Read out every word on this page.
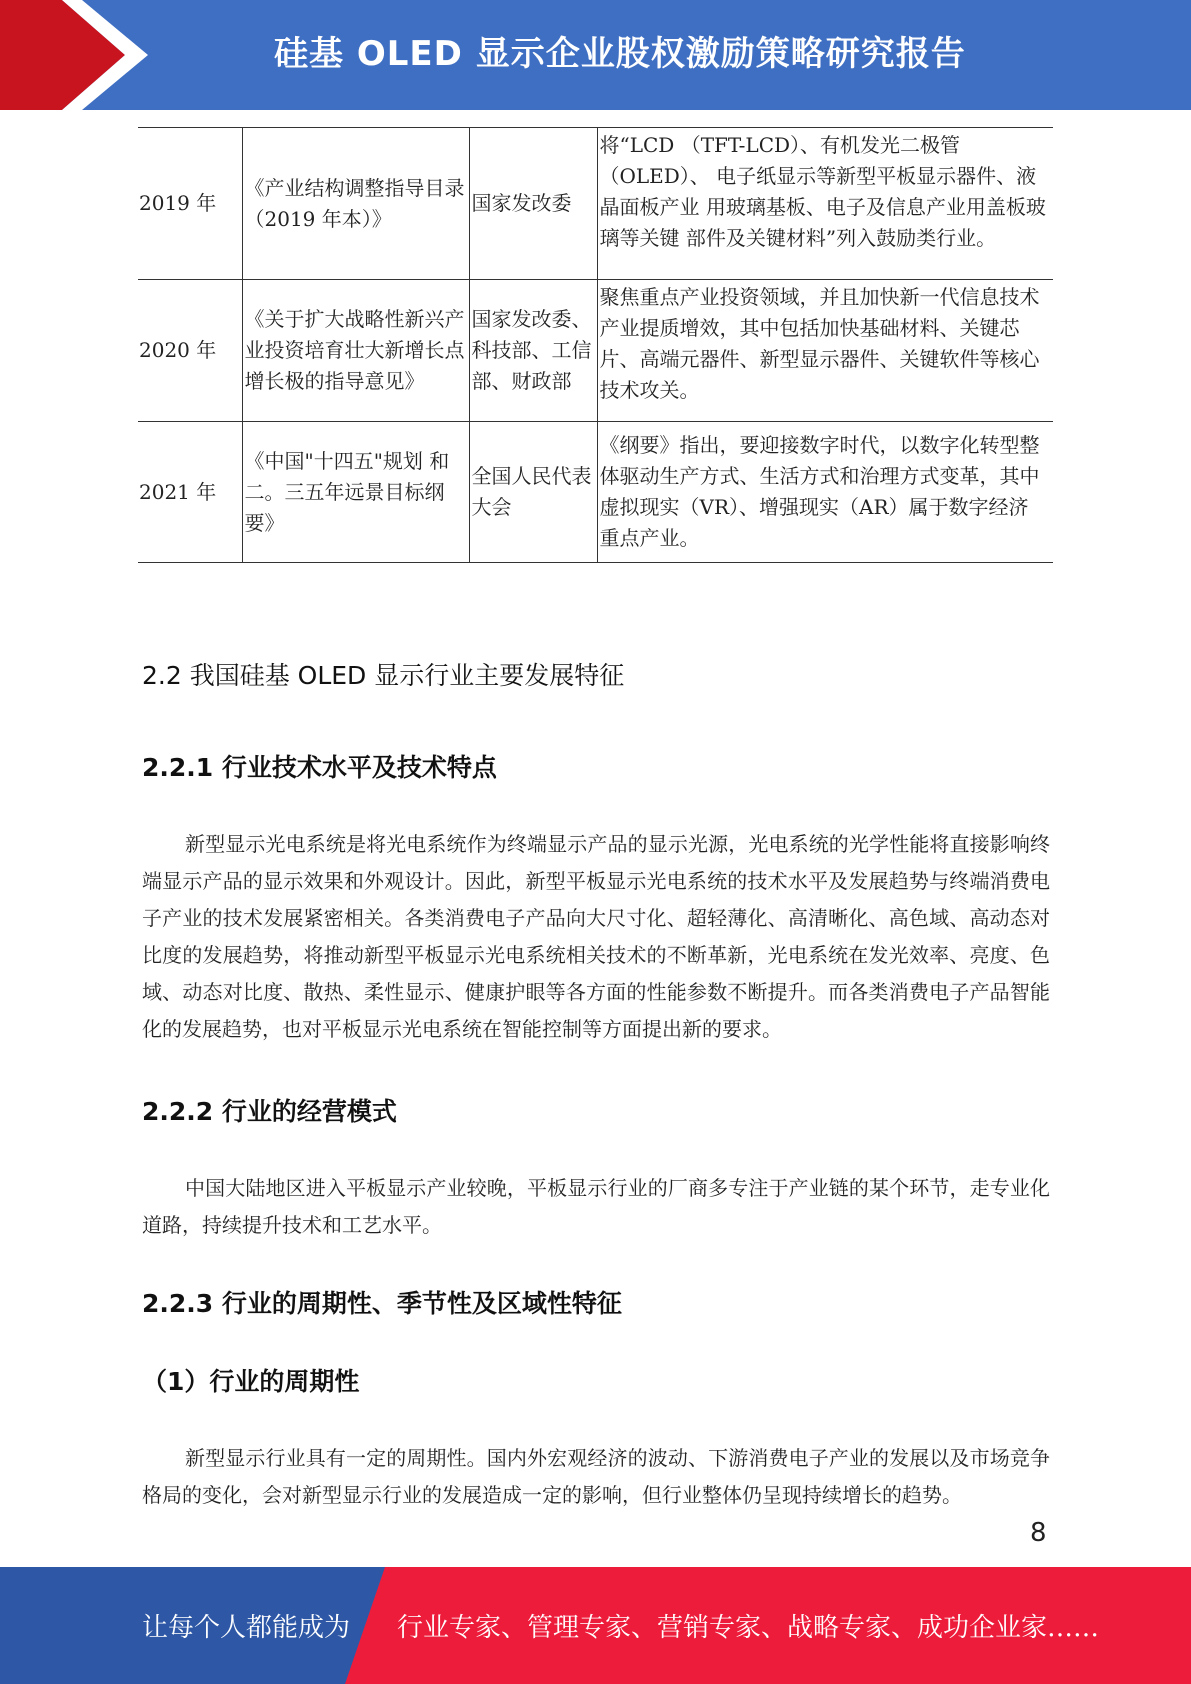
硅基 OLED 显示企业股权激励策略研究报告
2019 年	《产业结构调整指导目录（2019 年本）》	国家发改委	将“LCD （TFT-LCD）、有机发光二极管（OLED）、 电子纸显示等新型平板显示器件、液晶面板产业 用玻璃基板、电子及信息产业用盖板玻璃等关键 部件及关键材料”列入鼓励类行业。
2020 年	《关于扩大战略性新兴产业投资培育壮大新增长点增长极的指导意见》	国家发改委、科技部、工信部、财政部	聚焦重点产业投资领域，并且加快新一代信息技术产业提质增效，其中包括加快基础材料、关键芯 片、高端元器件、新型显示器件、关键软件等核心 技术攻关。
2021 年	《中国"十四五"规划 和二。三五年远景目标纲要》	全国人民代表大会	《纲要》指出，要迎接数字时代，以数字化转型整 体驱动生产方式、生活方式和治理方式变革，其中 虚拟现实（VR）、增强现实（AR）属于数字经济 重点产业。
2.2 我国硅基 OLED 显示行业主要发展特征
2.2.1 行业技术水平及技术特点
新型显示光电系统是将光电系统作为终端显示产品的显示光源，光电系统的光学性能将直接影响终端显示产品的显示效果和外观设计。因此，新型平板显示光电系统的技术水平及发展趋势与终端消费电子产业的技术发展紧密相关。各类消费电子产品向大尺寸化、超轻薄化、高清晰化、高色域、高动态对比度的发展趋势，将推动新型平板显示光电系统相关技术的不断革新，光电系统在发光效率、亮度、色域、动态对比度、散热、柔性显示、健康护眼等各方面的性能参数不断提升。而各类消费电子产品智能化的发展趋势，也对平板显示光电系统在智能控制等方面提出新的要求。
2.2.2 行业的经营模式
中国大陆地区进入平板显示产业较晚，平板显示行业的厂商多专注于产业链的某个环节，走专业化道路，持续提升技术和工艺水平。
2.2.3 行业的周期性、季节性及区域性特征
（1）行业的周期性
新型显示行业具有一定的周期性。国内外宏观经济的波动、下游消费电子产业的发展以及市场竞争格局的变化，会对新型显示行业的发展造成一定的影响，但行业整体仍呈现持续增长的趋势。
8
让每个人都能成为 行业专家、管理专家、营销专家、战略专家、成功企业家……
